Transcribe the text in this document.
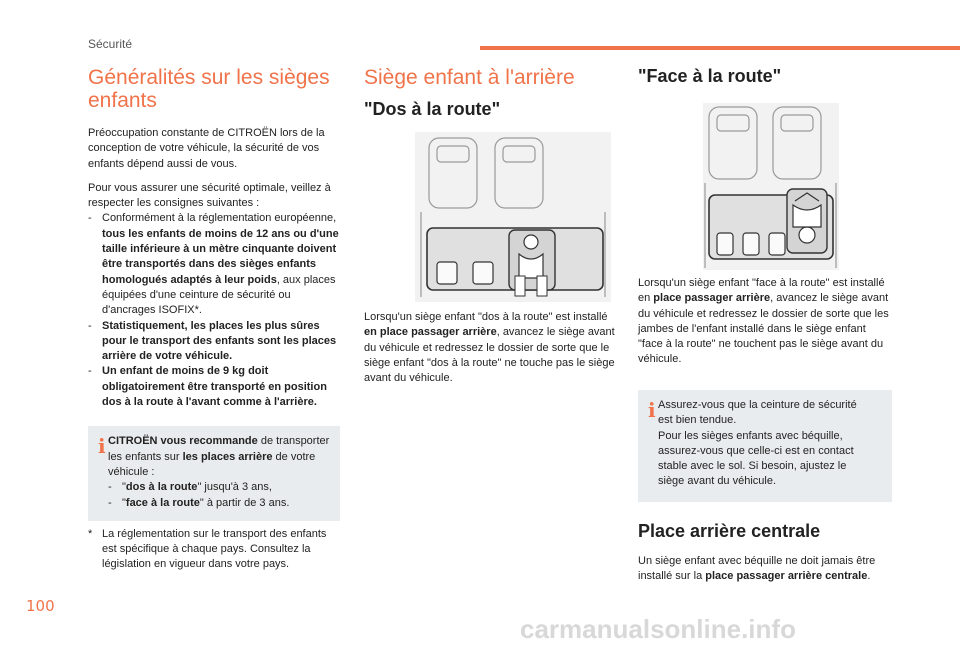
Sécurité
Généralités sur les sièges enfants

Préoccupation constante de CITROËN lors de la conception de votre véhicule, la sécurité de vos enfants dépend aussi de vous.

Pour vous assurer une sécurité optimale, veillez à respecter les consignes suivantes :

- Conformément à la réglementation européenne, tous les enfants de moins de 12 ans ou d'une taille inférieure à un mètre cinquante doivent être transportés dans des sièges enfants homologués adaptés à leur poids, aux places équipées d'une ceinture de sécurité ou d'ancrages ISOFIX*.
- Statistiquement, les places les plus sûres pour le transport des enfants sont les places arrière de votre véhicule.
- Un enfant de moins de 9 kg doit obligatoirement être transporté en position dos à la route à l'avant comme à l'arrière.
i CITROËN vous recommande de transporter les enfants sur les places arrière de votre véhicule :
- "dos à la route" jusqu'à 3 ans,
- "face à la route" à partir de 3 ans.
* La réglementation sur le transport des enfants est spécifique à chaque pays. Consultez la législation en vigueur dans votre pays.
Siège enfant à l'arrière
"Dos à la route"

Lorsqu'un siège enfant "dos à la route" est installé en place passager arrière, avancez le siège avant du véhicule et redressez le dossier de sorte que le siège enfant "dos à la route" ne touche pas le siège avant du véhicule.

"Face à la route"

Lorsqu'un siège enfant "face à la route" est installé en place passager arrière, avancez le siège avant du véhicule et redressez le dossier de sorte que les jambes de l'enfant installé dans le siège enfant "face à la route" ne touchent pas le siège avant du véhicule.

i Assurez-vous que la ceinture de sécurité est bien tendue.

Pour les sièges enfants avec béquille, assurez-vous que celle-ci est en contact stable avec le sol. Si besoin, ajustez le siège avant du véhicule.

Place arrière centrale

Un siège enfant avec béquille ne doit jamais être installé sur la place passager arrière centrale.

100
carmanualsonline.info
